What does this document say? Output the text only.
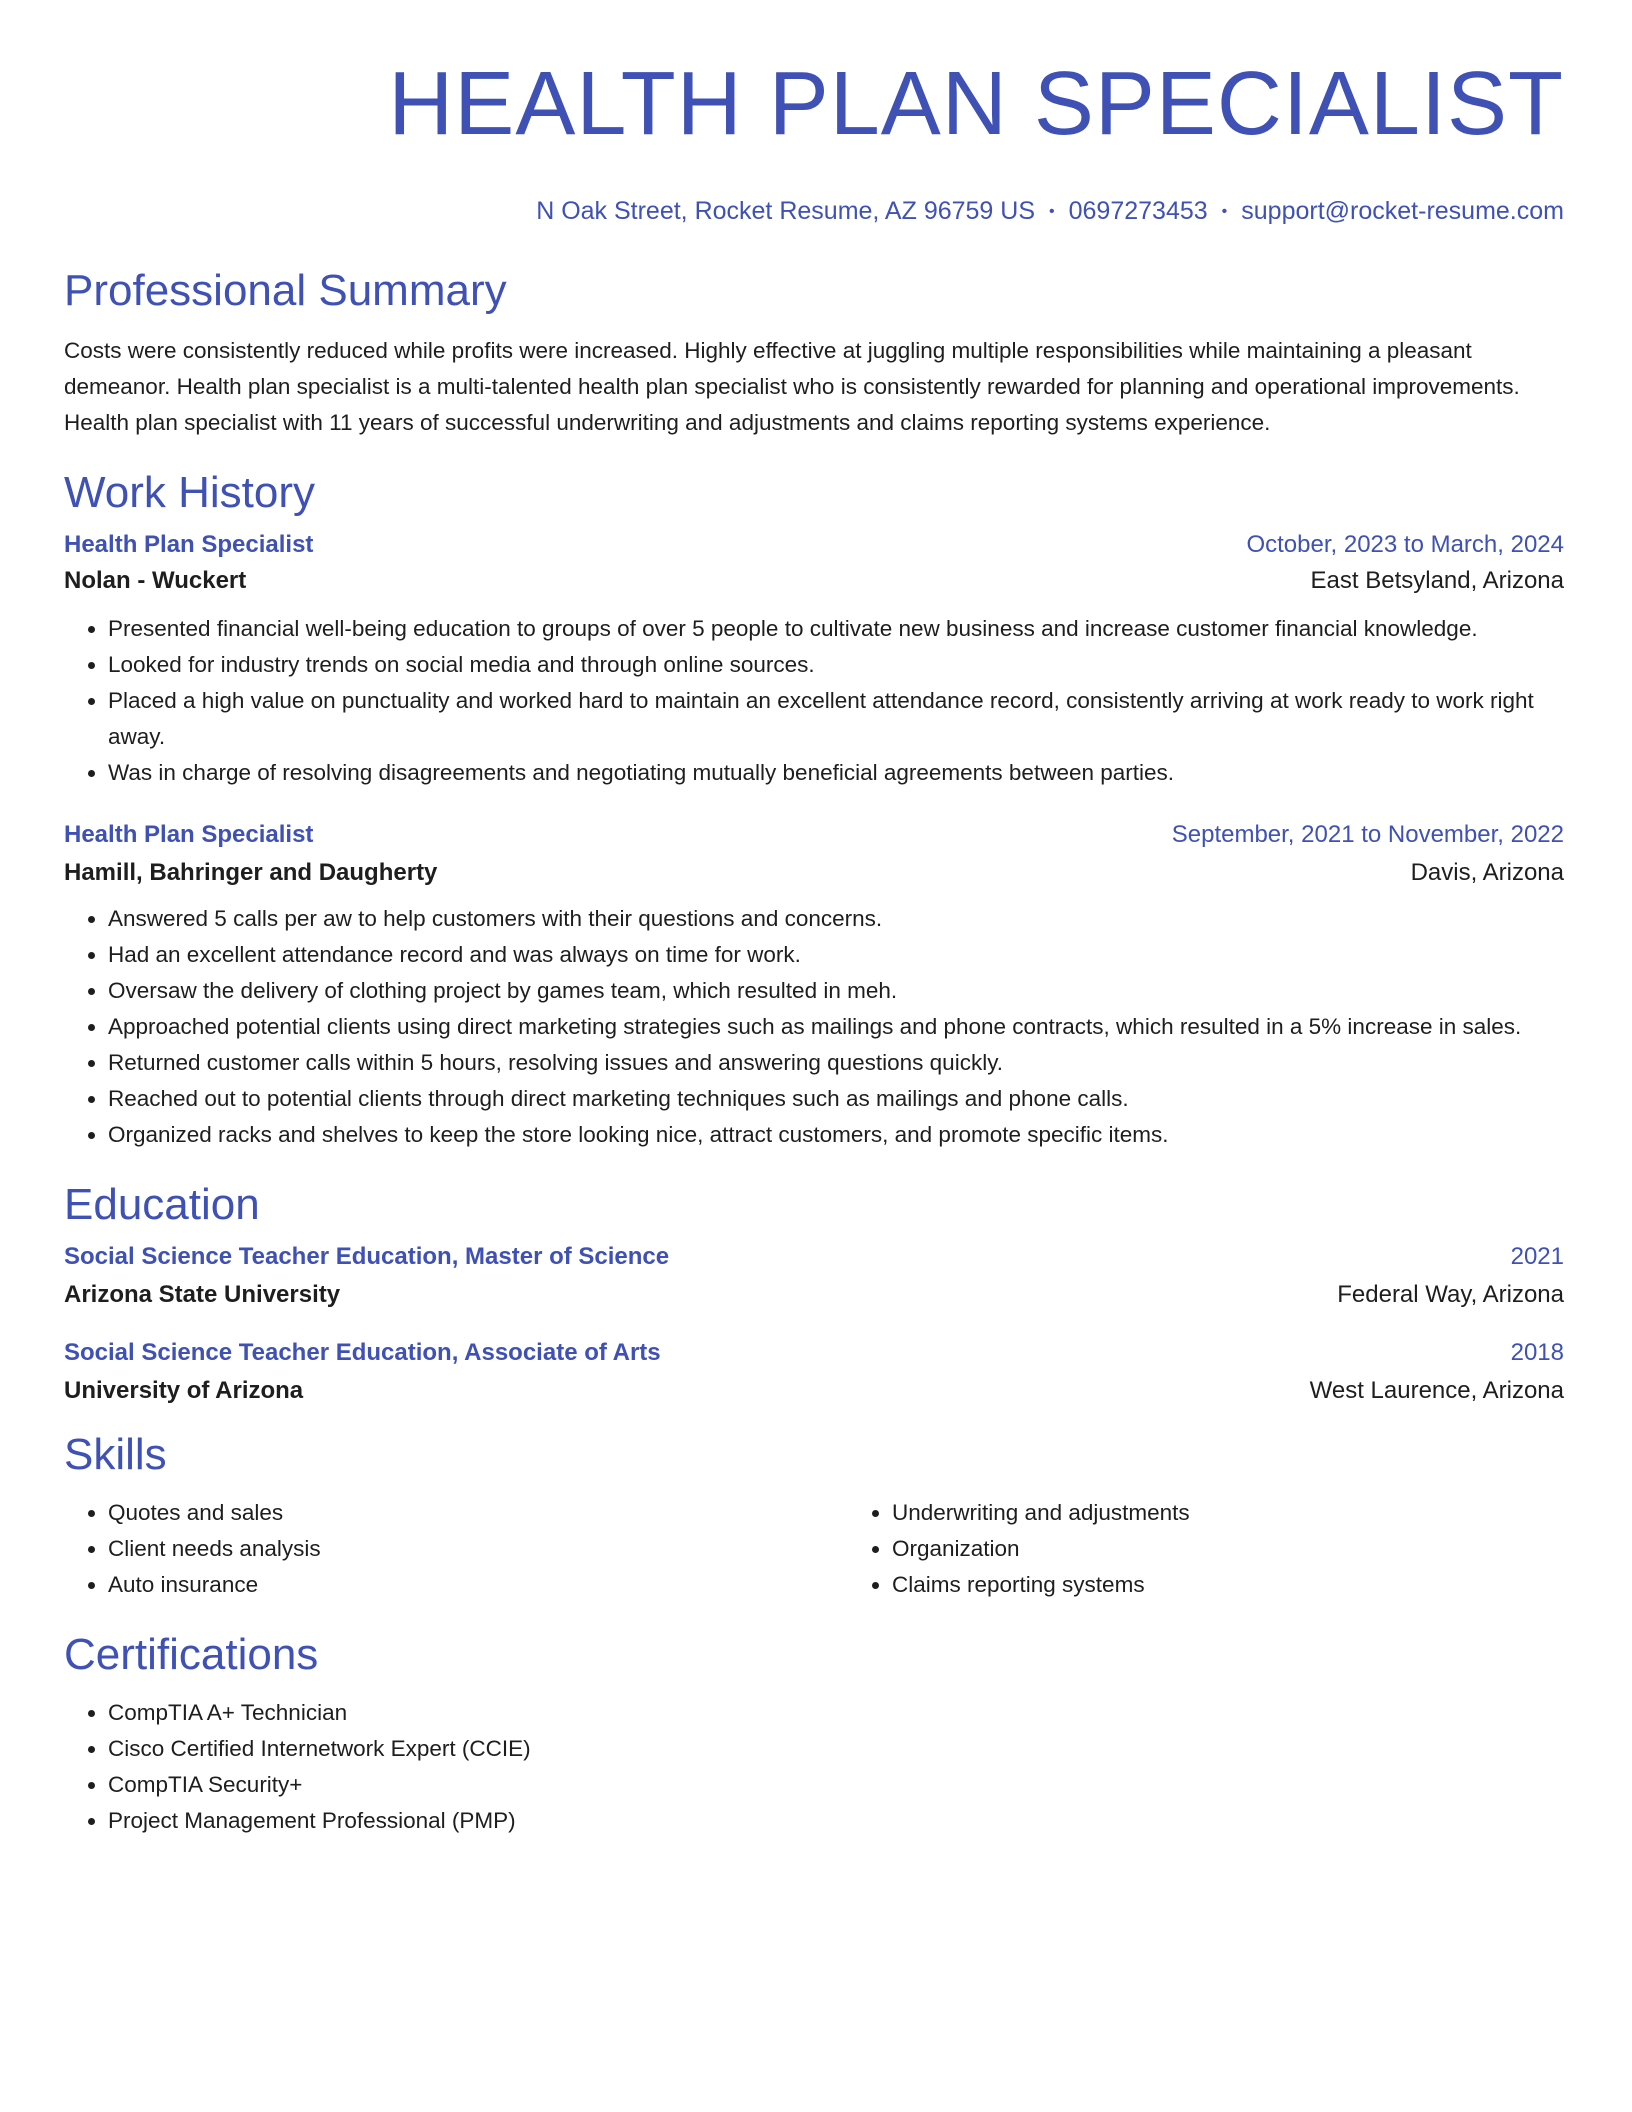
HEALTH PLAN SPECIALIST
N Oak Street, Rocket Resume, AZ 96759 US • 0697273453 • support@rocket-resume.com
Professional Summary
Costs were consistently reduced while profits were increased. Highly effective at juggling multiple responsibilities while maintaining a pleasant demeanor. Health plan specialist is a multi-talented health plan specialist who is consistently rewarded for planning and operational improvements. Health plan specialist with 11 years of successful underwriting and adjustments and claims reporting systems experience.
Work History
Health Plan Specialist	October, 2023 to March, 2024
Nolan - Wuckert	East Betsyland, Arizona
• Presented financial well-being education to groups of over 5 people to cultivate new business and increase customer financial knowledge.
• Looked for industry trends on social media and through online sources.
• Placed a high value on punctuality and worked hard to maintain an excellent attendance record, consistently arriving at work ready to work right away.
• Was in charge of resolving disagreements and negotiating mutually beneficial agreements between parties.
Health Plan Specialist	September, 2021 to November, 2022
Hamill, Bahringer and Daugherty	Davis, Arizona
• Answered 5 calls per aw to help customers with their questions and concerns.
• Had an excellent attendance record and was always on time for work.
• Oversaw the delivery of clothing project by games team, which resulted in meh.
• Approached potential clients using direct marketing strategies such as mailings and phone contracts, which resulted in a 5% increase in sales.
• Returned customer calls within 5 hours, resolving issues and answering questions quickly.
• Reached out to potential clients through direct marketing techniques such as mailings and phone calls.
• Organized racks and shelves to keep the store looking nice, attract customers, and promote specific items.
Education
Social Science Teacher Education, Master of Science	2021
Arizona State University	Federal Way, Arizona
Social Science Teacher Education, Associate of Arts	2018
University of Arizona	West Laurence, Arizona
Skills
• Quotes and sales
• Client needs analysis
• Auto insurance
• Underwriting and adjustments
• Organization
• Claims reporting systems
Certifications
• CompTIA A+ Technician
• Cisco Certified Internetwork Expert (CCIE)
• CompTIA Security+
• Project Management Professional (PMP)
